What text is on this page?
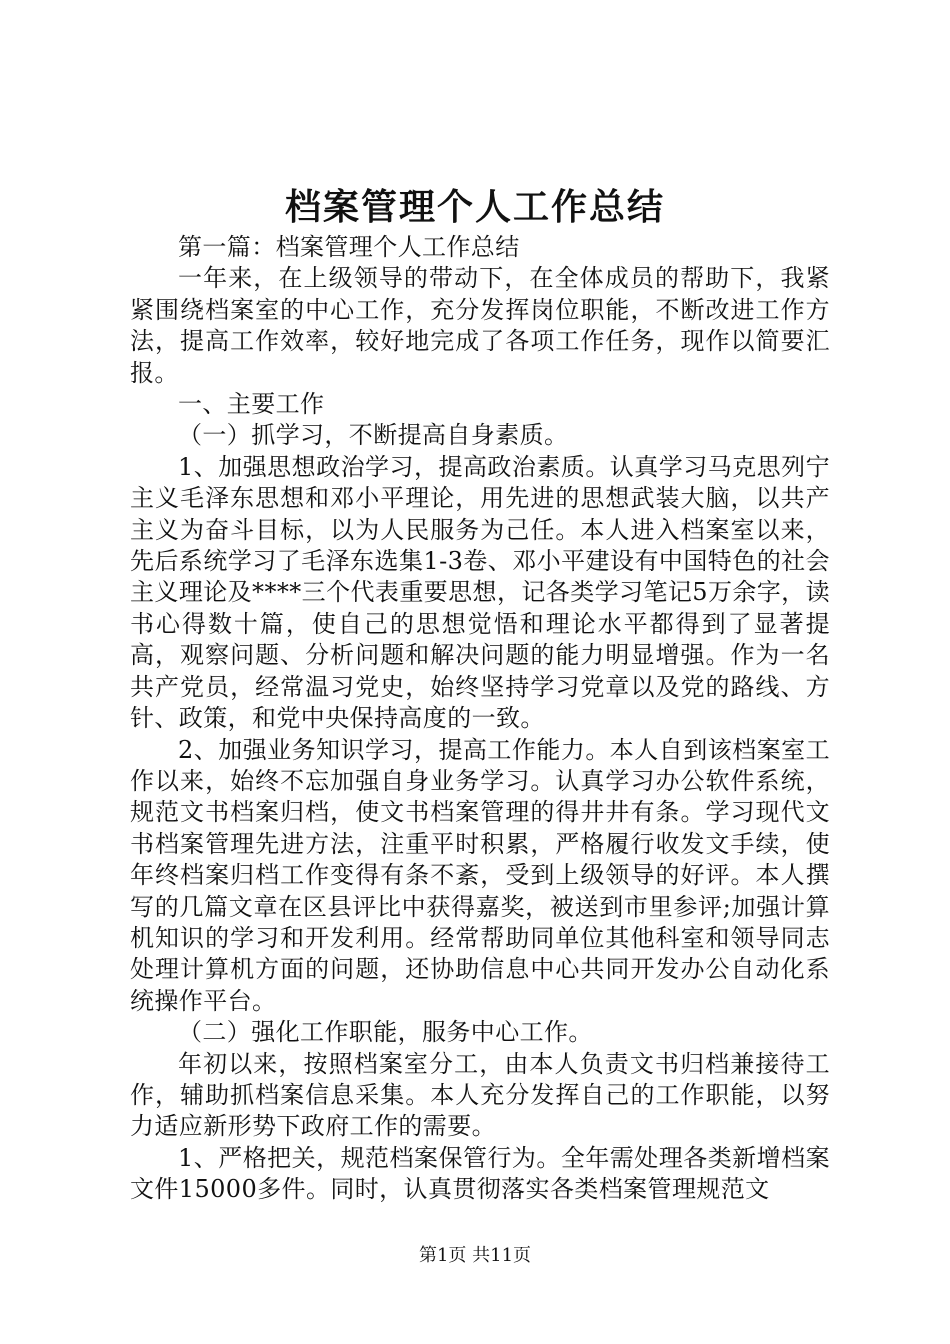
档案管理个人工作总结

第一篇：档案管理个人工作总结

一年来，在上级领导的带动下，在全体成员的帮助下，我紧紧围绕档案室的中心工作，充分发挥岗位职能，不断改进工作方法，提高工作效率，较好地完成了各项工作任务，现作以简要汇报。

一、主要工作

（一）抓学习，不断提高自身素质。

1、加强思想政治学习，提高政治素质。认真学习马克思列宁主义毛泽东思想和邓小平理论，用先进的思想武装大脑，以共产主义为奋斗目标，以为人民服务为己任。本人进入档案室以来，先后系统学习了毛泽东选集1-3卷、邓小平建设有中国特色的社会主义理论及****三个代表重要思想，记各类学习笔记5万余字，读书心得数十篇，使自己的思想觉悟和理论水平都得到了显著提高，观察问题、分析问题和解决问题的能力明显增强。作为一名共产党员，经常温习党史，始终坚持学习党章以及党的路线、方针、政策，和党中央保持高度的一致。

2、加强业务知识学习，提高工作能力。本人自到该档案室工作以来，始终不忘加强自身业务学习。认真学习办公软件系统，规范文书档案归档，使文书档案管理的得井井有条。学习现代文书档案管理先进方法，注重平时积累，严格履行收发文手续，使年终档案归档工作变得有条不紊，受到上级领导的好评。本人撰写的几篇文章在区县评比中获得嘉奖，被送到市里参评;加强计算机知识的学习和开发利用。经常帮助同单位其他科室和领导同志处理计算机方面的问题，还协助信息中心共同开发办公自动化系统操作平台。

（二）强化工作职能，服务中心工作。

年初以来，按照档案室分工，由本人负责文书归档兼接待工作，辅助抓档案信息采集。本人充分发挥自己的工作职能，以努力适应新形势下政府工作的需要。

1、严格把关，规范档案保管行为。全年需处理各类新增档案文件15000多件。同时，认真贯彻落实各类档案管理规范文

第1页 共11页
